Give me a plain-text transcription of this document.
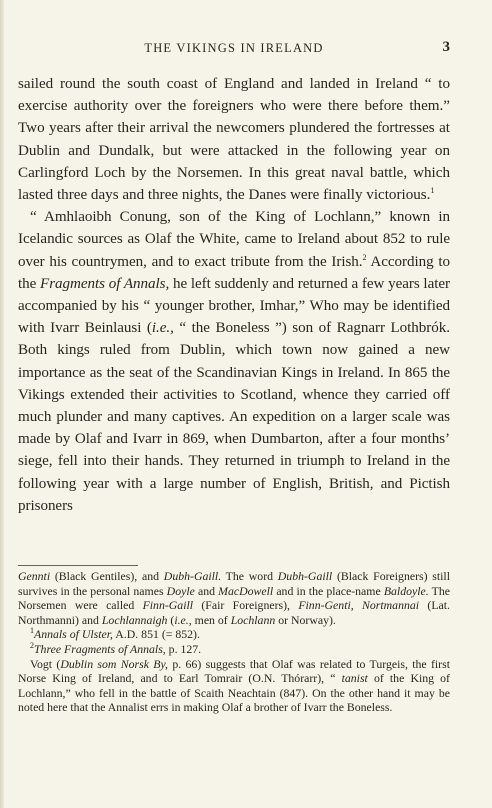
THE VIKINGS IN IRELAND	3

sailed round the south coast of England and landed in Ireland “ to exercise authority over the foreigners who were there before them.” Two years after their arrival the newcomers plundered the fortresses at Dublin and Dundalk, but were attacked in the following year on Carlingford Loch by the Norsemen. In this great naval battle, which lasted three days and three nights, the Danes were finally victorious.$^1$

“ Amhlaoibh Conung, son of the King of Lochlann,” known in Icelandic sources as Olaf the White, came to Ireland about 852 to rule over his countrymen, and to exact tribute from the Irish.$^2$ According to the Fragments of Annals, he left suddenly and returned a few years later accompanied by his “ younger brother, Imhar,” Who may be identified with Ivarr Beinlausi (i.e., “ the Boneless ”) son of Ragnarr Lothbrók. Both kings ruled from Dublin, which town now gained a new importance as the seat of the Scandinavian Kings in Ireland. In 865 the Vikings extended their activities to Scotland, whence they carried off much plunder and many captives. An expedition on a larger scale was made by Olaf and Ivarr in 869, when Dumbarton, after a four months’ siege, fell into their hands. They returned in triumph to Ireland in the following year with a large number of English, British, and Pictish prisoners

Gennti (Black Gentiles), and Dubh-Gaill. The word Dubh-Gaill (Black Foreigners) still survives in the personal names Doyle and MacDowell and in the place-name Baldoyle. The Norsemen were called Finn-Gaill (Fair Foreigners), Finn-Genti, Nortmannai (Lat. Northmanni) and Lochlannaigh (i.e., men of Lochlann or Norway).

$^1$Annals of Ulster, A.D. 851 (= 852).

$^2$Three Fragments of Annals, p. 127.

Vogt (Dublin som Norsk By, p. 66) suggests that Olaf was related to Turgeis, the first Norse King of Ireland, and to Earl Tomrair (O.N. Thórarr), “ tanist of the King of Lochlann,” who fell in the battle of Scaith Neachtain (847). On the other hand it may be noted here that the Annalist errs in making Olaf a brother of Ivarr the Boneless.
